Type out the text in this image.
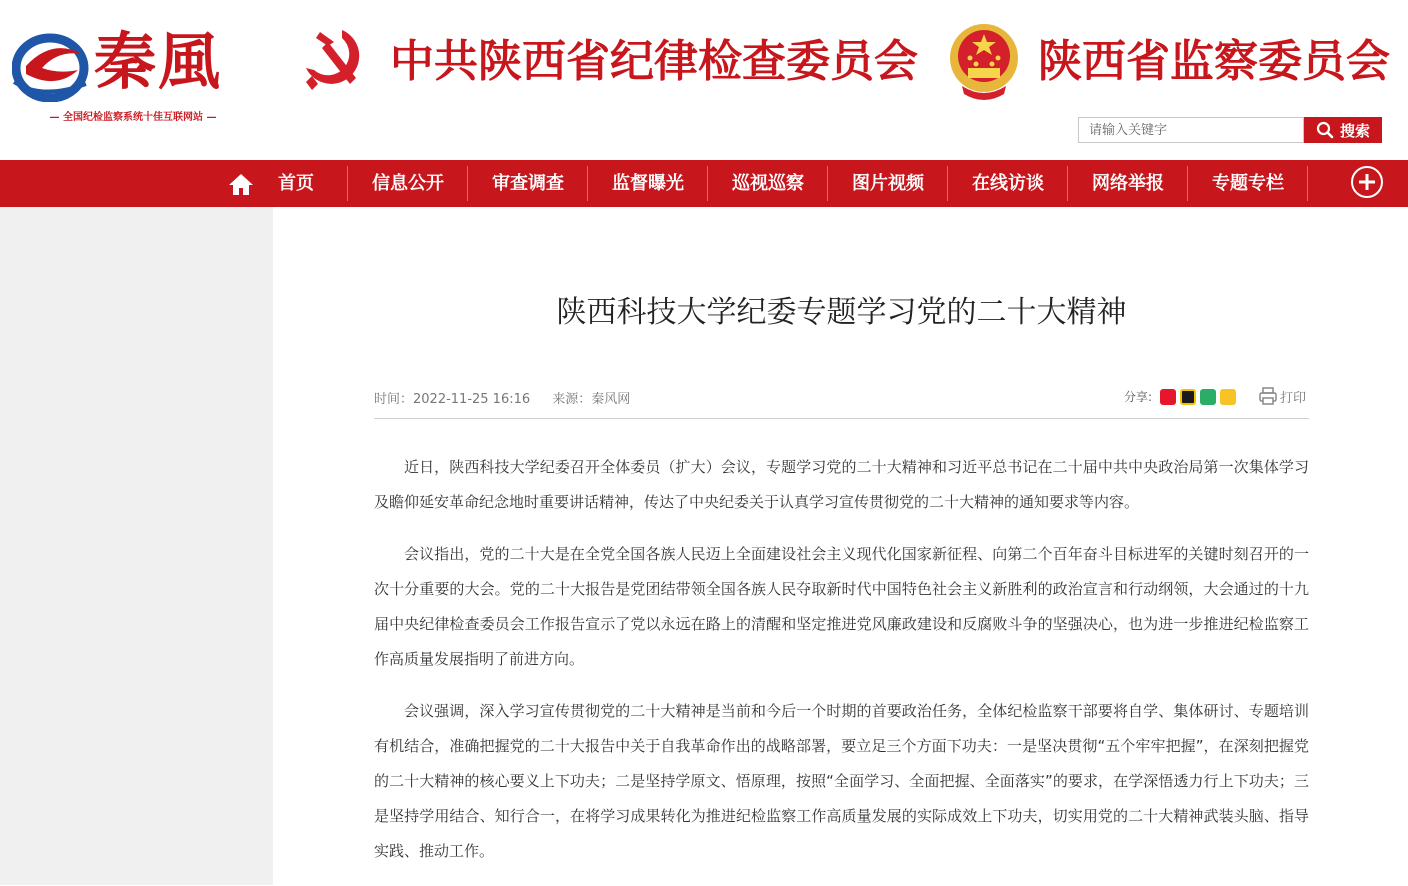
秦風
— 全国纪检监察系统十佳互联网站 —
中共陕西省纪律检查委员会	陕西省监察委员会
请输入关键字
搜索
首页	信息公开	审查调查	监督曝光	巡视巡察	图片视频	在线访谈	网络举报	专题专栏
陕西科技大学纪委专题学习党的二十大精神
时间：2022-11-25 16:16 来源：秦风网	分享:	打印

近日，陕西科技大学纪委召开全体委员（扩大）会议，专题学习党的二十大精神和习近平总书记在二十届中共中央政治局第一次集体学习及瞻仰延安革命纪念地时重要讲话精神，传达了中央纪委关于认真学习宣传贯彻党的二十大精神的通知要求等内容。

会议指出，党的二十大是在全党全国各族人民迈上全面建设社会主义现代化国家新征程、向第二个百年奋斗目标进军的关键时刻召开的一次十分重要的大会。党的二十大报告是党团结带领全国各族人民夺取新时代中国特色社会主义新胜利的政治宣言和行动纲领，大会通过的十九届中央纪律检查委员会工作报告宣示了党以永远在路上的清醒和坚定推进党风廉政建设和反腐败斗争的坚强决心，也为进一步推进纪检监察工作高质量发展指明了前进方向。

会议强调，深入学习宣传贯彻党的二十大精神是当前和今后一个时期的首要政治任务，全体纪检监察干部要将自学、集体研讨、专题培训有机结合，准确把握党的二十大报告中关于自我革命作出的战略部署，要立足三个方面下功夫：一是坚决贯彻“五个牢牢把握”，在深刻把握党的二十大精神的核心要义上下功夫；二是坚持学原文、悟原理，按照“全面学习、全面把握、全面落实”的要求，在学深悟透力行上下功夫；三是坚持学用结合、知行合一，在将学习成果转化为推进纪检监察工作高质量发展的实际成效上下功夫，切实用党的二十大精神武装头脑、指导实践、推动工作。
